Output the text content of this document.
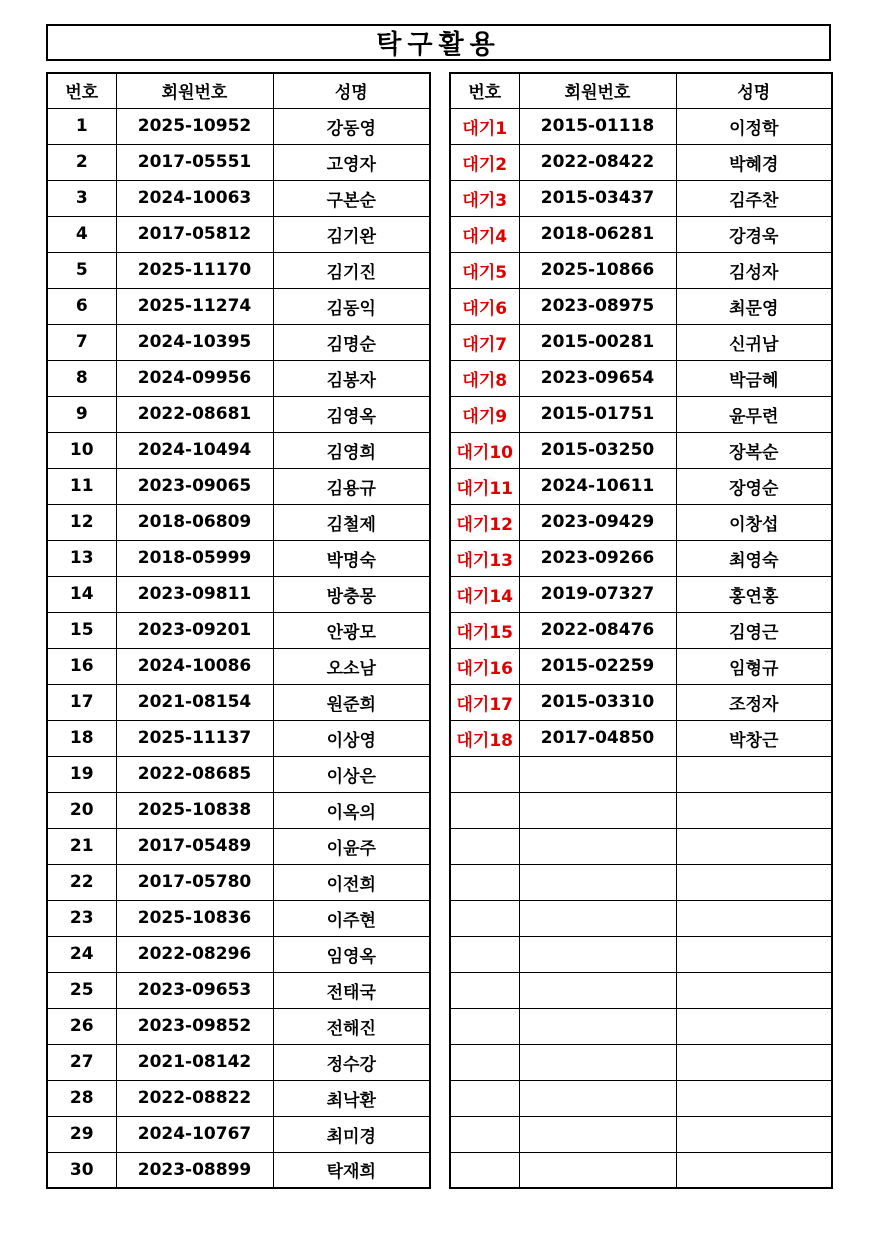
탁구활용
번호	회원번호	성명
1	2025-10952	강동영
2	2017-05551	고영자
3	2024-10063	구본순
4	2017-05812	김기완
5	2025-11170	김기진
6	2025-11274	김동익
7	2024-10395	김명순
8	2024-09956	김봉자
9	2022-08681	김영옥
10	2024-10494	김영희
11	2023-09065	김용규
12	2018-06809	김철제
13	2018-05999	박명숙
14	2023-09811	방충몽
15	2023-09201	안광모
16	2024-10086	오소남
17	2021-08154	원준희
18	2025-11137	이상영
19	2022-08685	이상은
20	2025-10838	이옥의
21	2017-05489	이윤주
22	2017-05780	이전희
23	2025-10836	이주현
24	2022-08296	임영옥
25	2023-09653	전태국
26	2023-09852	전해진
27	2021-08142	정수강
28	2022-08822	최낙환
29	2024-10767	최미경
30	2023-08899	탁재희
번호	회원번호	성명
대기1	2015-01118	이정학
대기2	2022-08422	박혜경
대기3	2015-03437	김주찬
대기4	2018-06281	강경욱
대기5	2025-10866	김성자
대기6	2023-08975	최문영
대기7	2015-00281	신귀남
대기8	2023-09654	박금혜
대기9	2015-01751	윤무련
대기10	2015-03250	장복순
대기11	2024-10611	장영순
대기12	2023-09429	이창섭
대기13	2023-09266	최영숙
대기14	2019-07327	홍연홍
대기15	2022-08476	김영근
대기16	2015-02259	임형규
대기17	2015-03310	조정자
대기18	2017-04850	박창근
